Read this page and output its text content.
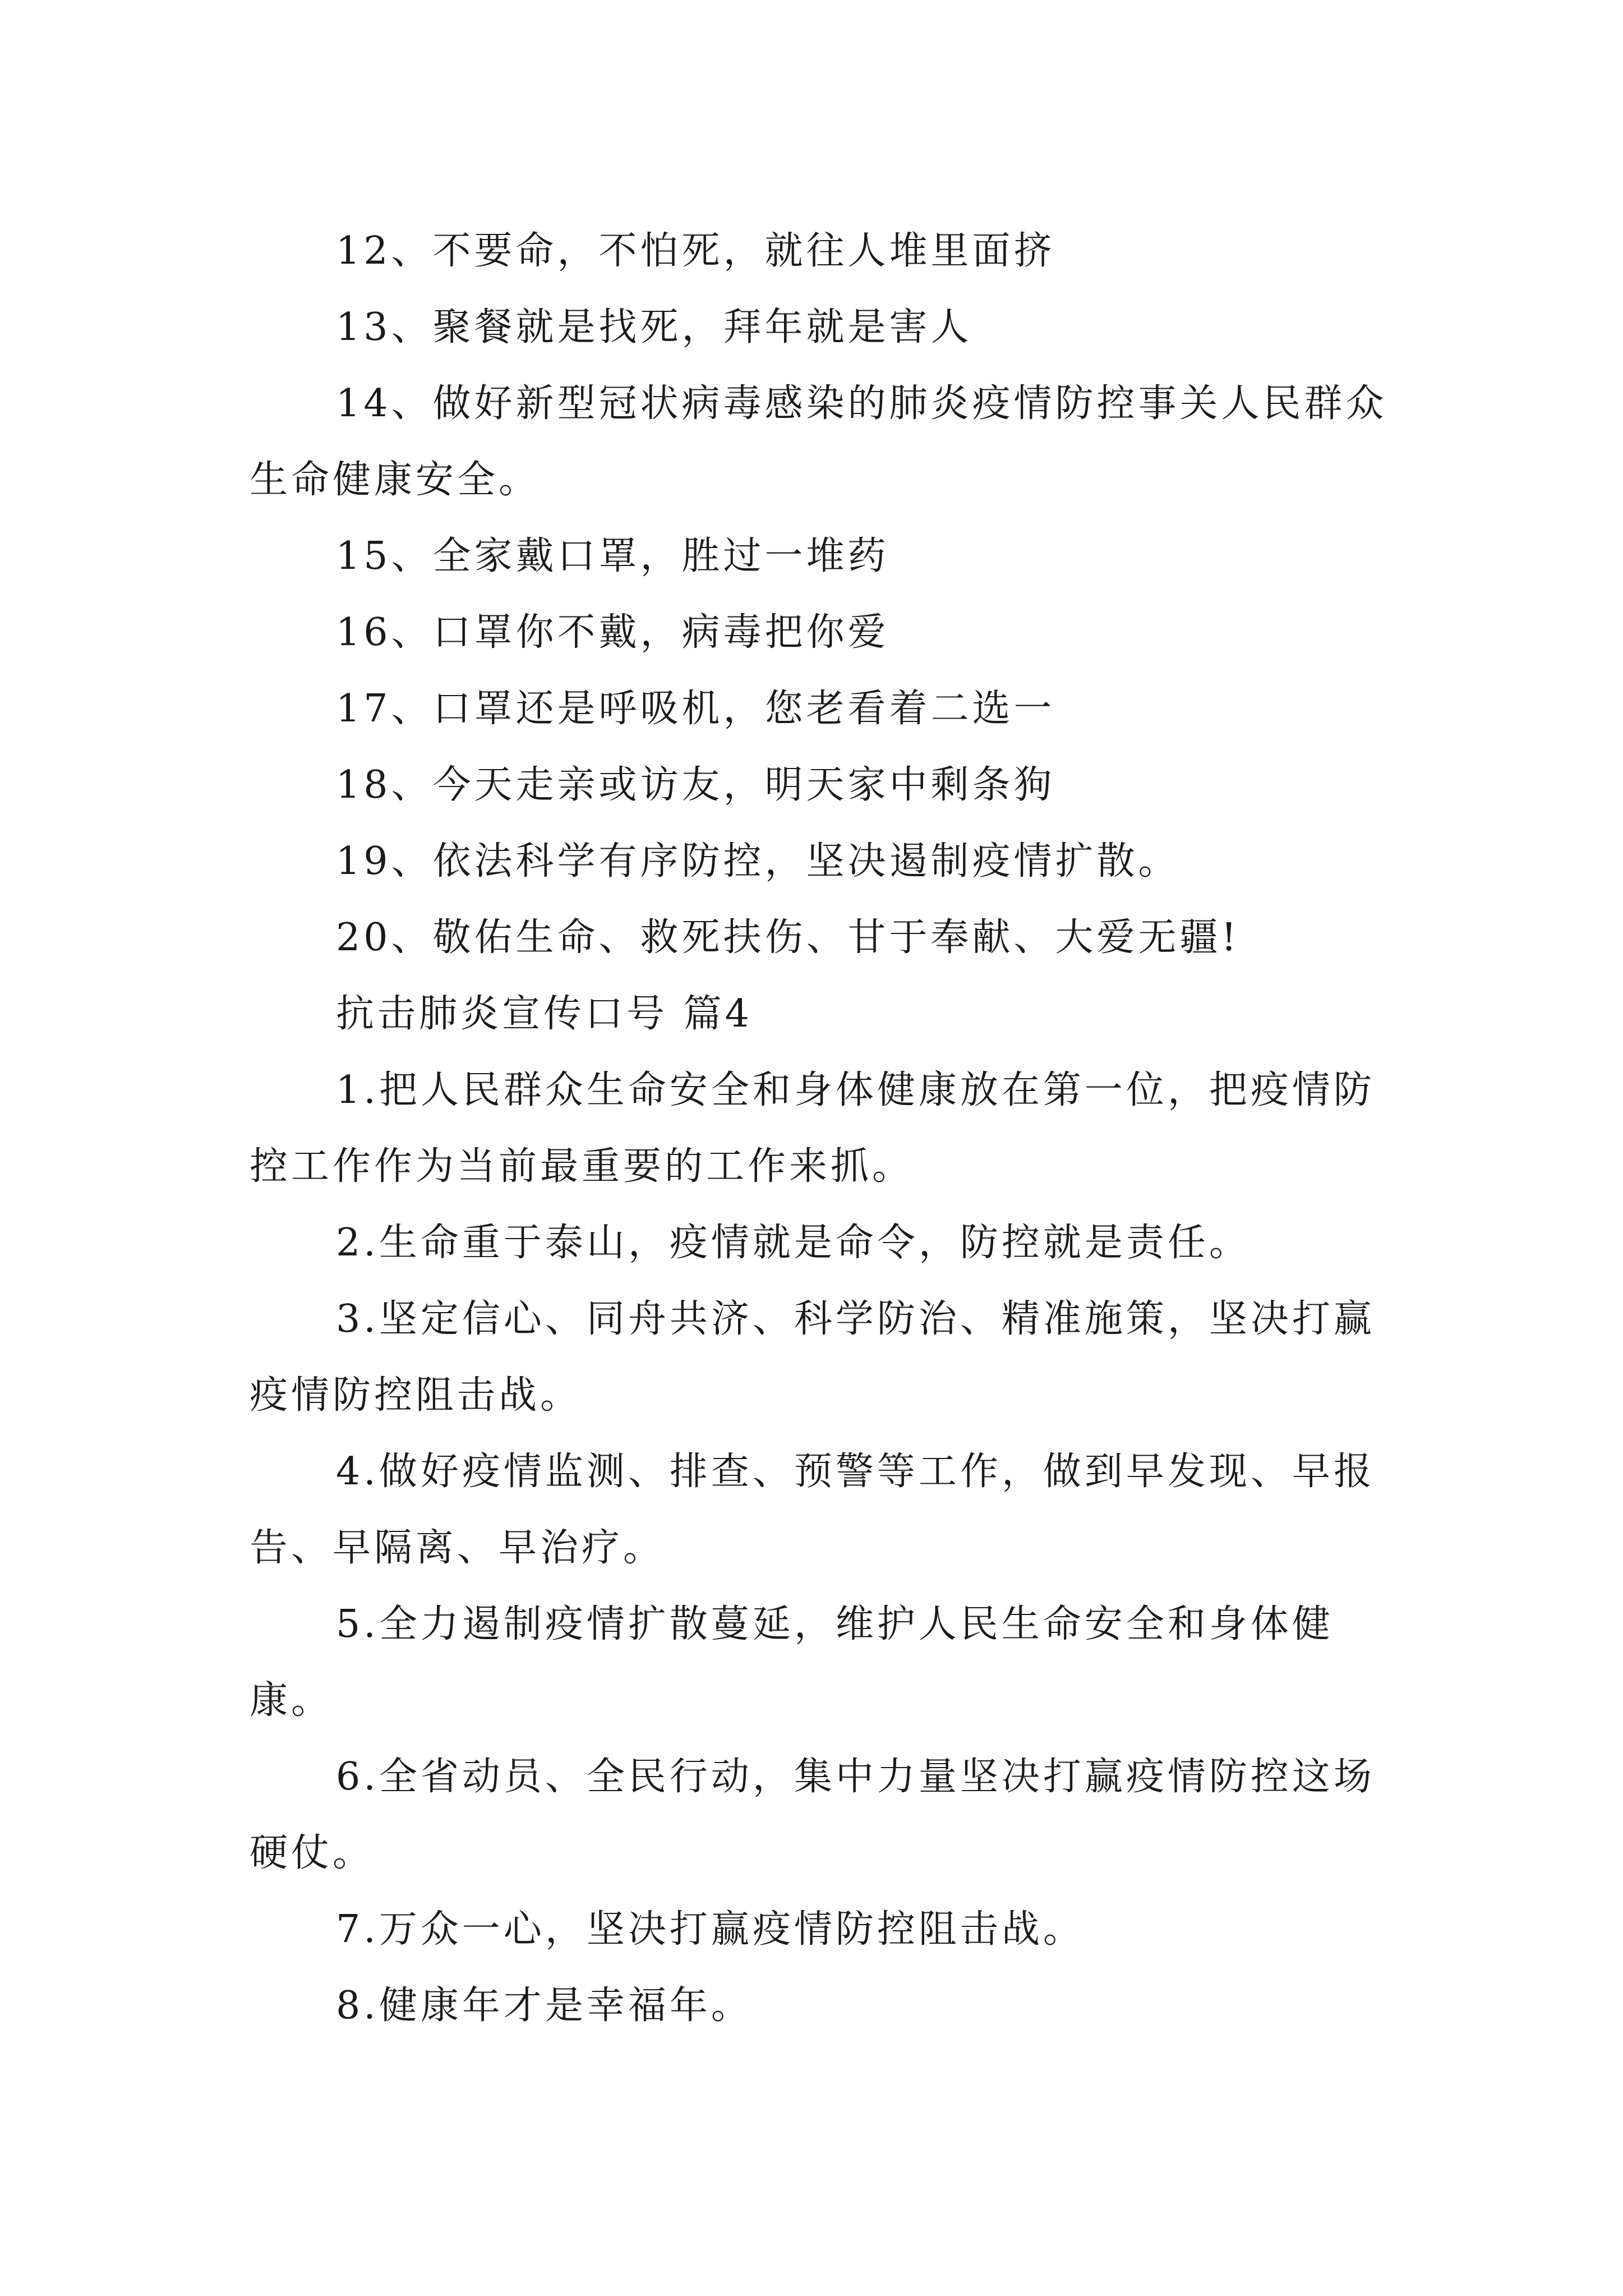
12、不要命，不怕死，就往人堆里面挤

13、聚餐就是找死，拜年就是害人

14、做好新型冠状病毒感染的肺炎疫情防控事关人民群众生命健康安全。

15、全家戴口罩，胜过一堆药

16、口罩你不戴，病毒把你爱

17、口罩还是呼吸机，您老看着二选一

18、今天走亲或访友，明天家中剩条狗

19、依法科学有序防控，坚决遏制疫情扩散。

20、敬佑生命、救死扶伤、甘于奉献、大爱无疆!

抗击肺炎宣传口号 篇4

1.把人民群众生命安全和身体健康放在第一位，把疫情防控工作作为当前最重要的工作来抓。

2.生命重于泰山，疫情就是命令，防控就是责任。

3.坚定信心、同舟共济、科学防治、精准施策，坚决打赢疫情防控阻击战。

4.做好疫情监测、排查、预警等工作，做到早发现、早报告、早隔离、早治疗。

5.全力遏制疫情扩散蔓延，维护人民生命安全和身体健康。

6.全省动员、全民行动，集中力量坚决打赢疫情防控这场硬仗。

7.万众一心，坚决打赢疫情防控阻击战。

8.健康年才是幸福年。
